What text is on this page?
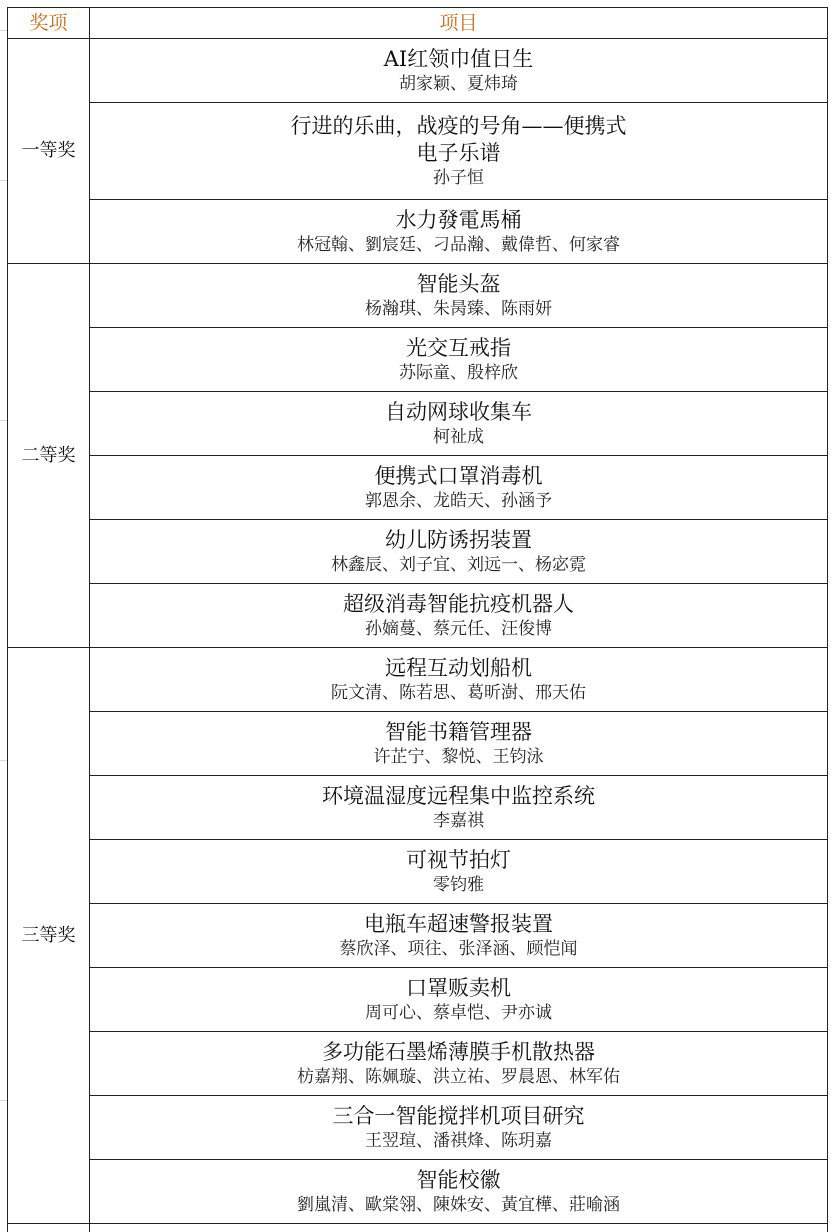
奖项	项目
一等奖	AI红领巾值日生
胡家颖、夏炜琦

	行进的乐曲，战疫的号角——便携式
电子乐谱
孙子恒

	水力發電馬桶
林冠翰、劉宸廷、刁品瀚、戴偉哲、何家睿

二等奖	智能头盔
杨瀚琪、朱昺臻、陈雨妍

	光交互戒指
苏际童、殷梓欣

	自动网球收集车
柯祉成

	便携式口罩消毒机
郭恩余、龙皓天、孙涵予

	幼儿防诱拐装置
林鑫辰、刘子宜、刘远一、杨宓霓

	超级消毒智能抗疫机器人
孙嫡蔓、蔡元任、汪俊博

三等奖	远程互动划船机
阮文清、陈若思、葛昕澍、邢天佑

	智能书籍管理器
许芷宁、黎悦、王钧泳

	环境温湿度远程集中监控系统
李嘉祺

	可视节拍灯
零钧雅

	电瓶车超速警报装置
蔡欣泽、项往、张泽涵、顾恺闻

	口罩贩卖机
周可心、蔡卓恺、尹亦诚

	多功能石墨烯薄膜手机散热器
枋嘉翔、陈姵璇、洪立祐、罗晨恩、林军佑

	三合一智能搅拌机项目研究
王翌瑄、潘祺烽、陈玥嘉

	智能校徽
劉嵐清、歐棠翎、陳姝安、黃宜樺、莊喻涵
